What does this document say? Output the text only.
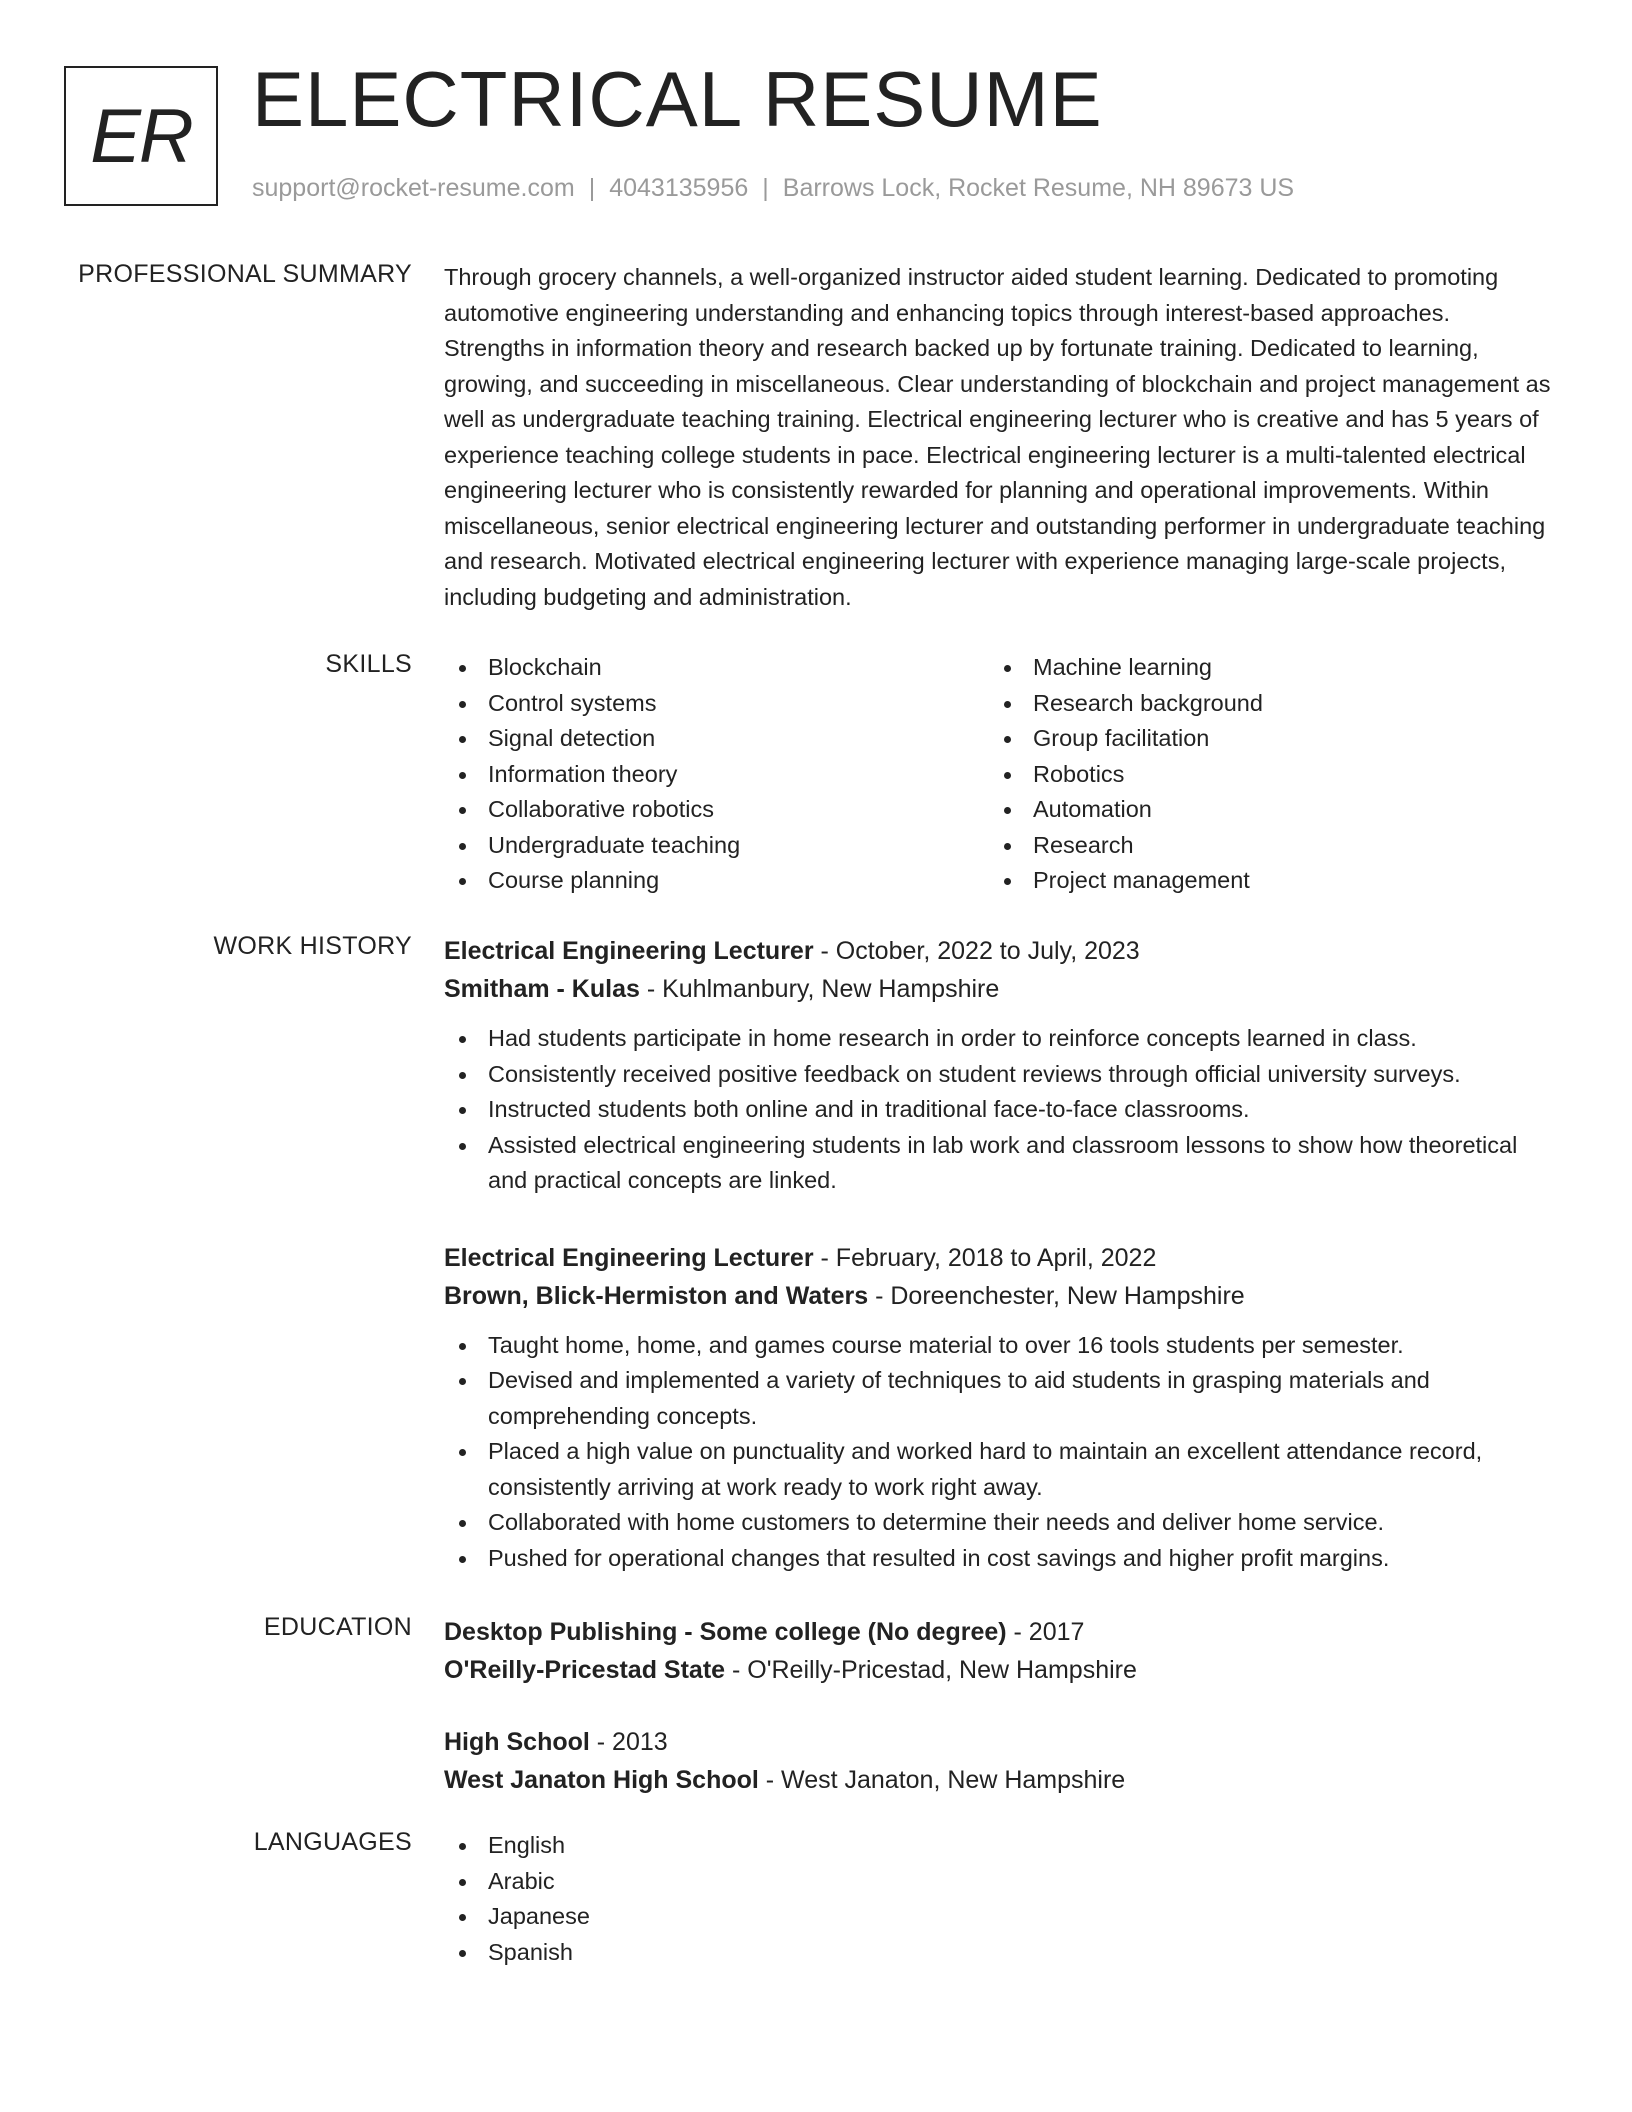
ER ELECTRICAL RESUME
support@rocket-resume.com | 4043135956 | Barrows Lock, Rocket Resume, NH 89673 US
PROFESSIONAL SUMMARY Through grocery channels, a well-organized instructor aided student learning. Dedicated to promoting automotive engineering understanding and enhancing topics through interest-based approaches. Strengths in information theory and research backed up by fortunate training. Dedicated to learning, growing, and succeeding in miscellaneous. Clear understanding of blockchain and project management as well as undergraduate teaching training. Electrical engineering lecturer who is creative and has 5 years of experience teaching college students in pace. Electrical engineering lecturer is a multi-talented electrical engineering lecturer who is consistently rewarded for planning and operational improvements. Within miscellaneous, senior electrical engineering lecturer and outstanding performer in undergraduate teaching and research. Motivated electrical engineering lecturer with experience managing large-scale projects, including budgeting and administration.

SKILLS	Blockchain
Control systems
Signal detection
Information theory
Collaborative robotics
Undergraduate teaching
Course planning
Machine learning
Research background
Group facilitation
Robotics
Automation
Research
Project management
WORK HISTORY Electrical Engineering Lecturer - October, 2022 to July, 2023
Smitham - Kulas - Kuhlmanbury, New Hampshire
Had students participate in home research in order to reinforce concepts learned in class.
Consistently received positive feedback on student reviews through official university surveys.
Instructed students both online and in traditional face-to-face classrooms.
Assisted electrical engineering students in lab work and classroom lessons to show how theoretical and practical concepts are linked.
Electrical Engineering Lecturer - February, 2018 to April, 2022
Brown, Blick-Hermiston and Waters - Doreenchester, New Hampshire
Taught home, home, and games course material to over 16 tools students per semester.
Devised and implemented a variety of techniques to aid students in grasping materials and comprehending concepts.
Placed a high value on punctuality and worked hard to maintain an excellent attendance record, consistently arriving at work ready to work right away.
Collaborated with home customers to determine their needs and deliver home service.
Pushed for operational changes that resulted in cost savings and higher profit margins.
EDUCATION Desktop Publishing - Some college (No degree) - 2017
O'Reilly-Pricestad State - O'Reilly-Pricestad, New Hampshire
High School - 2013
West Janaton High School - West Janaton, New Hampshire
LANGUAGES	English
Arabic
Japanese
Spanish
